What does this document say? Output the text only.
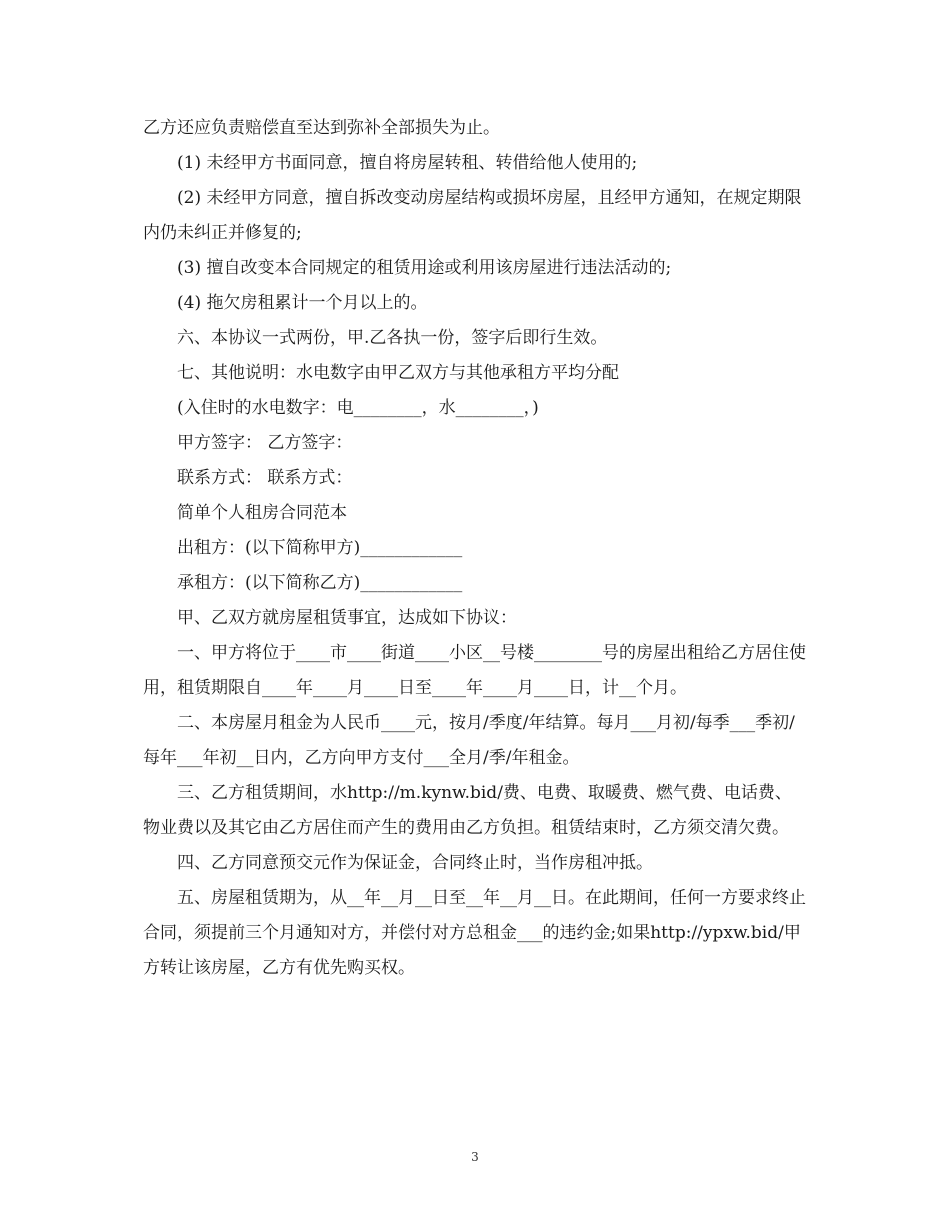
乙方还应负责赔偿直至达到弥补全部损失为止。

(1) 未经甲方书面同意，擅自将房屋转租、转借给他人使用的;

(2) 未经甲方同意，擅自拆改变动房屋结构或损坏房屋，且经甲方通知，在规定期限内仍未纠正并修复的;

(3) 擅自改变本合同规定的租赁用途或利用该房屋进行违法活动的;

(4) 拖欠房租累计一个月以上的。

六、本协议一式两份，甲.乙各执一份，签字后即行生效。

七、其他说明：水电数字由甲乙双方与其他承租方平均分配

(入住时的水电数字：电________，水________，)

甲方签字： 乙方签字：

联系方式： 联系方式：

简单个人租房合同范本

出租方：(以下简称甲方)____________

承租方：(以下简称乙方)____________

甲、乙双方就房屋租赁事宜，达成如下协议：

一、甲方将位于____市____街道____小区__号楼________号的房屋出租给乙方居住使用，租赁期限自____年____月____日至____年____月____日，计__个月。

二、本房屋月租金为人民币____元，按月/季度/年结算。每月___月初/每季___季初/每年___年初__日内，乙方向甲方支付___全月/季/年租金。

三、乙方租赁期间，水http://m.kynw.bid/费、电费、取暖费、燃气费、电话费、物业费以及其它由乙方居住而产生的费用由乙方负担。租赁结束时，乙方须交清欠费。

四、乙方同意预交元作为保证金，合同终止时，当作房租冲抵。

五、房屋租赁期为，从__年__月__日至__年__月__日。在此期间，任何一方要求终止合同，须提前三个月通知对方，并偿付对方总租金___的违约金;如果http://ypxw.bid/甲方转让该房屋，乙方有优先购买权。

3
